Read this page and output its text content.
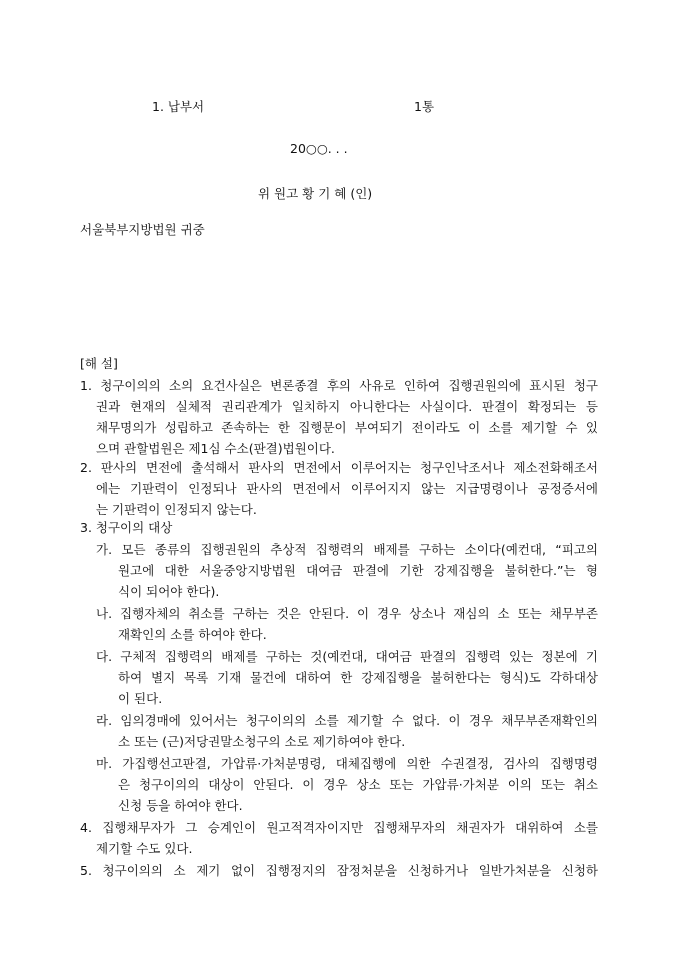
1. 납부서	1통
20○○. . .
위 원고 황 기 혜 (인)
서울북부지방법원 귀중
[해 설]
1. 청구이의의 소의 요건사실은 변론종결 후의 사유로 인하여 집행권원의에 표시된 청구
권과 현재의 실체적 권리관계가 일치하지 아니한다는 사실이다. 판결이 확정되는 등
채무명의가 성립하고 존속하는 한 집행문이 부여되기 전이라도 이 소를 제기할 수 있
으며 관할법원은 제1심 수소(판결)법원이다.
2. 판사의 면전에 출석해서 판사의 면전에서 이루어지는 청구인낙조서나 제소전화해조서
에는 기판력이 인정되나 판사의 면전에서 이루어지지 않는 지급명령이나 공정증서에
는 기판력이 인정되지 않는다.
3. 청구이의 대상
가. 모든 종류의 집행권원의 추상적 집행력의 배제를 구하는 소이다(예컨대, “피고의
원고에 대한 서울중앙지방법원 대여금 판결에 기한 강제집행을 불허한다.”는 형
식이 되어야 한다).
나. 집행자체의 취소를 구하는 것은 안된다. 이 경우 상소나 재심의 소 또는 채무부존
재확인의 소를 하여야 한다.
다. 구체적 집행력의 배제를 구하는 것(예컨대, 대여금 판결의 집행력 있는 정본에 기
하여 별지 목록 기재 물건에 대하여 한 강제집행을 불허한다는 형식)도 각하대상
이 된다.
라. 임의경매에 있어서는 청구이의의 소를 제기할 수 없다. 이 경우 채무부존재확인의
소 또는 (근)저당권말소청구의 소로 제기하여야 한다.
마. 가집행선고판결, 가압류·가처분명령, 대체집행에 의한 수권결정, 검사의 집행명령
은 청구이의의 대상이 안된다. 이 경우 상소 또는 가압류·가처분 이의 또는 취소
신청 등을 하여야 한다.
4. 집행채무자가 그 승계인이 원고적격자이지만 집행채무자의 채권자가 대위하여 소를
제기할 수도 있다.
5. 청구이의의 소 제기 없이 집행정지의 잠정처분을 신청하거나 일반가처분을 신청하
